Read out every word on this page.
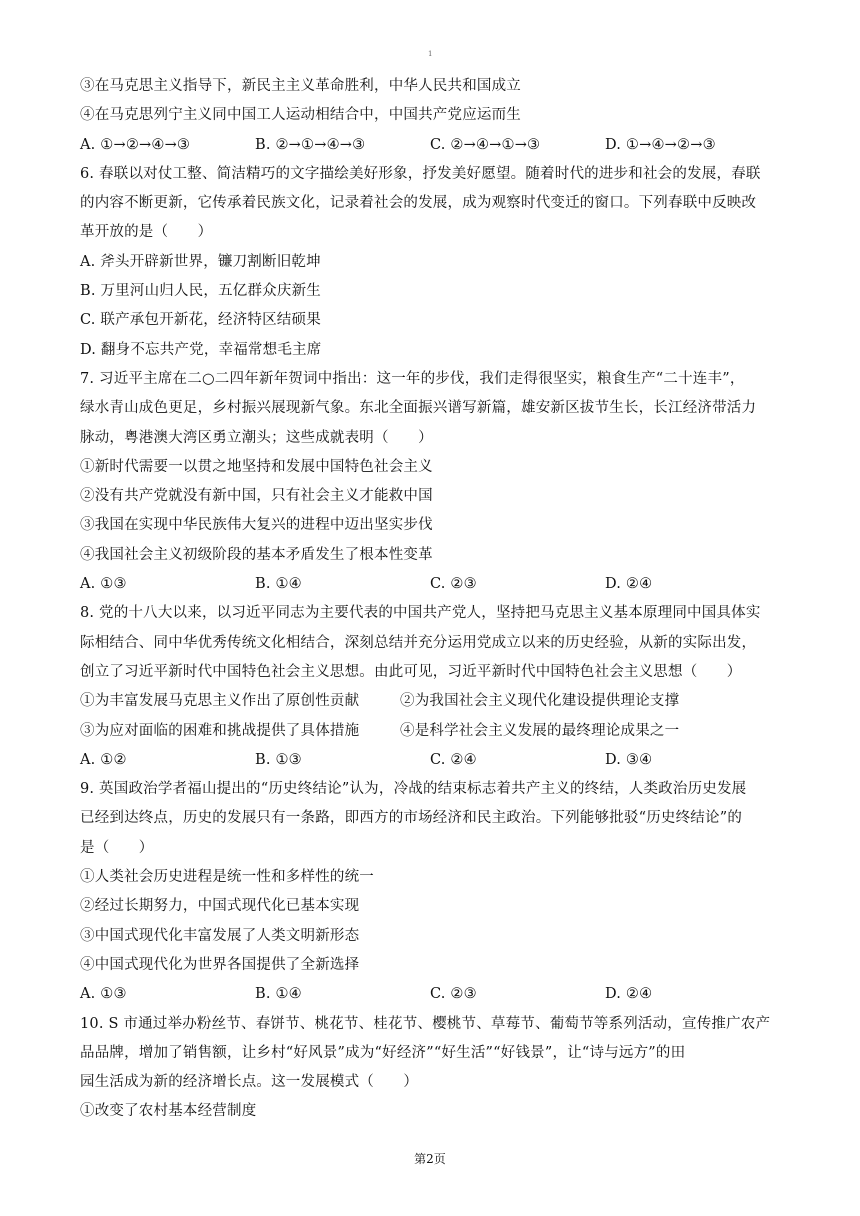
1
③在马克思主义指导下，新民主主义革命胜利，中华人民共和国成立
④在马克思列宁主义同中国工人运动相结合中，中国共产党应运而生
A. ①→②→④→③	B. ②→①→④→③	C. ②→④→①→③	D. ①→④→②→③
6. 春联以对仗工整、简洁精巧的文字描绘美好形象，抒发美好愿望。随着时代的进步和社会的发展，春联
的内容不断更新，它传承着民族文化，记录着社会的发展，成为观察时代变迁的窗口。下列春联中反映改
革开放的是（　　）
A. 斧头开辟新世界，镰刀割断旧乾坤
B. 万里河山归人民，五亿群众庆新生
C. 联产承包开新花，经济特区结硕果
D. 翻身不忘共产党，幸福常想毛主席
7. 习近平主席在二○二四年新年贺词中指出：这一年的步伐，我们走得很坚实，粮食生产“二十连丰”，
绿水青山成色更足，乡村振兴展现新气象。东北全面振兴谱写新篇，雄安新区拔节生长，长江经济带活力
脉动，粤港澳大湾区勇立潮头；这些成就表明（　　）
①新时代需要一以贯之地坚持和发展中国特色社会主义
②没有共产党就没有新中国，只有社会主义才能救中国
③我国在实现中华民族伟大复兴的进程中迈出坚实步伐
④我国社会主义初级阶段的基本矛盾发生了根本性变革
A. ①③	B. ①④	C. ②③	D. ②④
8. 党的十八大以来，以习近平同志为主要代表的中国共产党人，坚持把马克思主义基本原理同中国具体实
际相结合、同中华优秀传统文化相结合，深刻总结并充分运用党成立以来的历史经验，从新的实际出发，
创立了习近平新时代中国特色社会主义思想。由此可见，习近平新时代中国特色社会主义思想（　　）
①为丰富发展马克思主义作出了原创性贡献	②为我国社会主义现代化建设提供理论支撑
③为应对面临的困难和挑战提供了具体措施	④是科学社会主义发展的最终理论成果之一
A. ①②	B. ①③	C. ②④	D. ③④
9. 英国政治学者福山提出的“历史终结论”认为，冷战的结束标志着共产主义的终结，人类政治历史发展
已经到达终点，历史的发展只有一条路，即西方的市场经济和民主政治。下列能够批驳“历史终结论”的
是（　　）
①人类社会历史进程是统一性和多样性的统一
②经过长期努力，中国式现代化已基本实现
③中国式现代化丰富发展了人类文明新形态
④中国式现代化为世界各国提供了全新选择
A. ①③	B. ①④	C. ②③	D. ②④
10. S 市通过举办粉丝节、春饼节、桃花节、桂花节、樱桃节、草莓节、葡萄节等系列活动，宣传推广农产
品品牌，增加了销售额，让乡村“好风景”成为“好经济”“好生活”“好钱景”，让“诗与远方”的田
园生活成为新的经济增长点。这一发展模式（　　）
①改变了农村基本经营制度
第2页
